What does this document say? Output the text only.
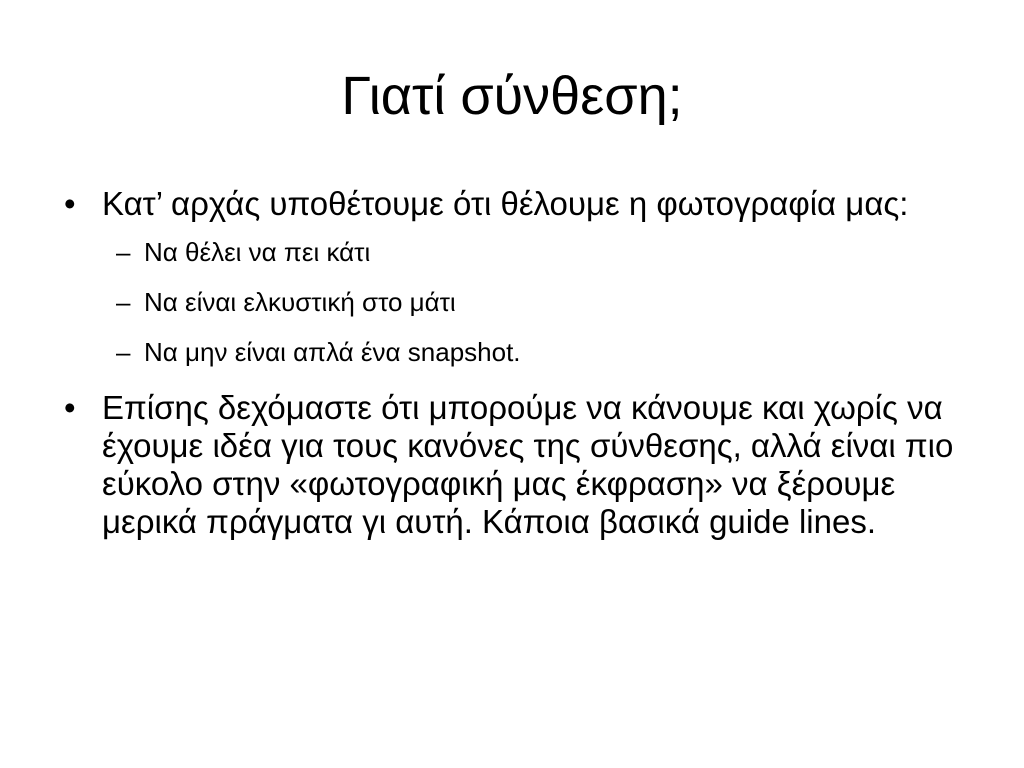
Γιατί σύνθεση;
• Κατ’ αρχάς υποθέτουμε ότι θέλουμε η φωτογραφία μας:
– Να θέλει να πει κάτι
– Να είναι ελκυστική στο μάτι
– Να μην είναι απλά ένα snapshot.
• Επίσης δεχόμαστε ότι μπορούμε να κάνουμε και χωρίς να έχουμε ιδέα για τους κανόνες της σύνθεσης, αλλά είναι πιο εύκολο στην «φωτογραφική μας έκφραση» να ξέρουμε μερικά πράγματα γι αυτή. Κάποια βασικά guide lines.
